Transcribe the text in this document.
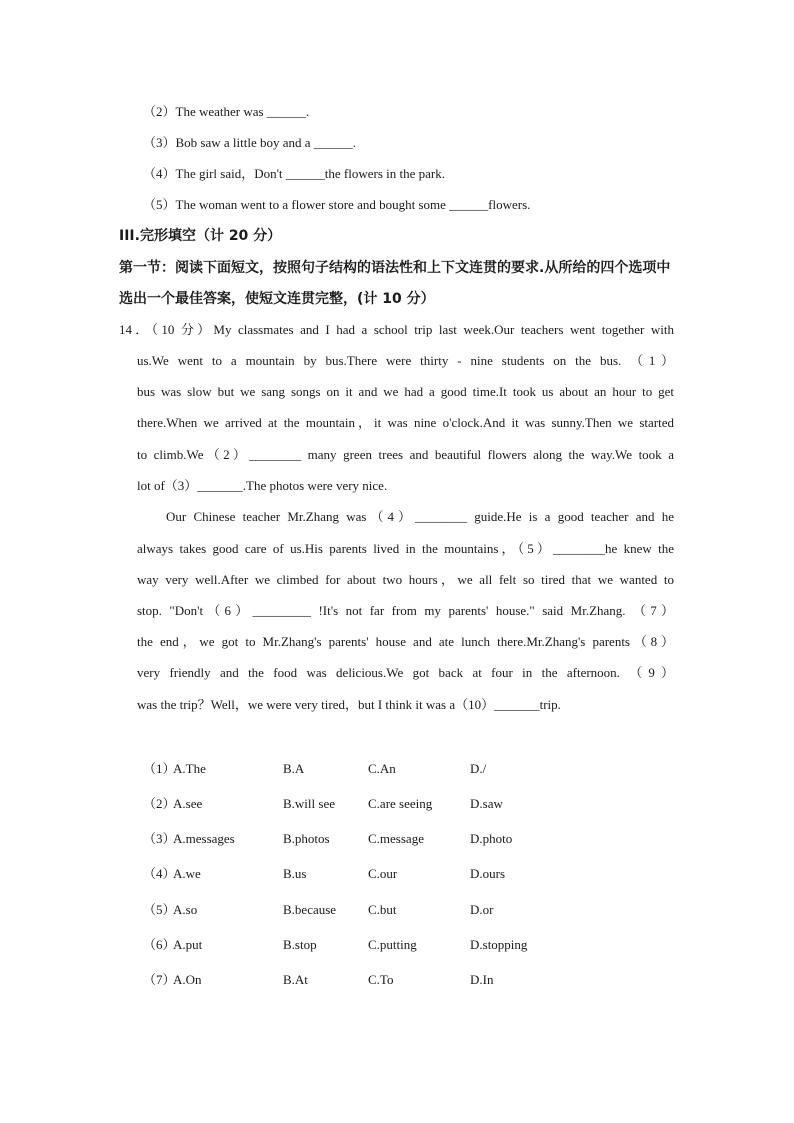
（2）The weather was ______.
（3）Bob saw a little boy and a ______.
（4）The girl said，Don't ______the flowers in the park.
（5）The woman went to a flower store and bought some ______flowers.
III.完形填空（计 20 分）
第一节：阅读下面短文，按照句子结构的语法性和上下文连贯的要求.从所给的四个选项中
选出一个最佳答案，使短文连贯完整，(计 10 分）
14．（10 分）My classmates and I had a school trip last week.Our teachers went together with
us.We went to a mountain by bus.There were thirty - nine students on the bus. （1）
bus was slow but we sang songs on it and we had a good time.It took us about an hour to get
there.When we arrived at the mountain，it was nine o'clock.And it was sunny.Then we started
to climb.We（2）________ many green trees and beautiful flowers along the way.We took a
lot of（3）_______.The photos were very nice.
Our Chinese teacher Mr.Zhang was（4）________ guide.He is a good teacher and he
always takes good care of us.His parents lived in the mountains，（5）________he knew the
way very well.After we climbed for about two hours，we all felt so tired that we wanted to
stop. "Don't（6）_________ !It's not far from my parents' house." said Mr.Zhang. （7）
the end，we got to Mr.Zhang's parents' house and ate lunch there.Mr.Zhang's parents（8）
very friendly and the food was delicious.We got back at four in the afternoon. （9）
was the trip？Well，we were very tired，but I think it was a（10）_______trip.
（1）
A.The	B.A	C.An	D./
（2）
A.see	B.will see	C.are seeing	D.saw
（3）
A.messages	B.photos	C.message	D.photo
（4）
A.we	B.us	C.our	D.ours
（5）
A.so	B.because C.but	D.or
（6）
A.put	B.stop	C.putting	D.stopping
（7）
A.On	B.At	C.To	D.In
